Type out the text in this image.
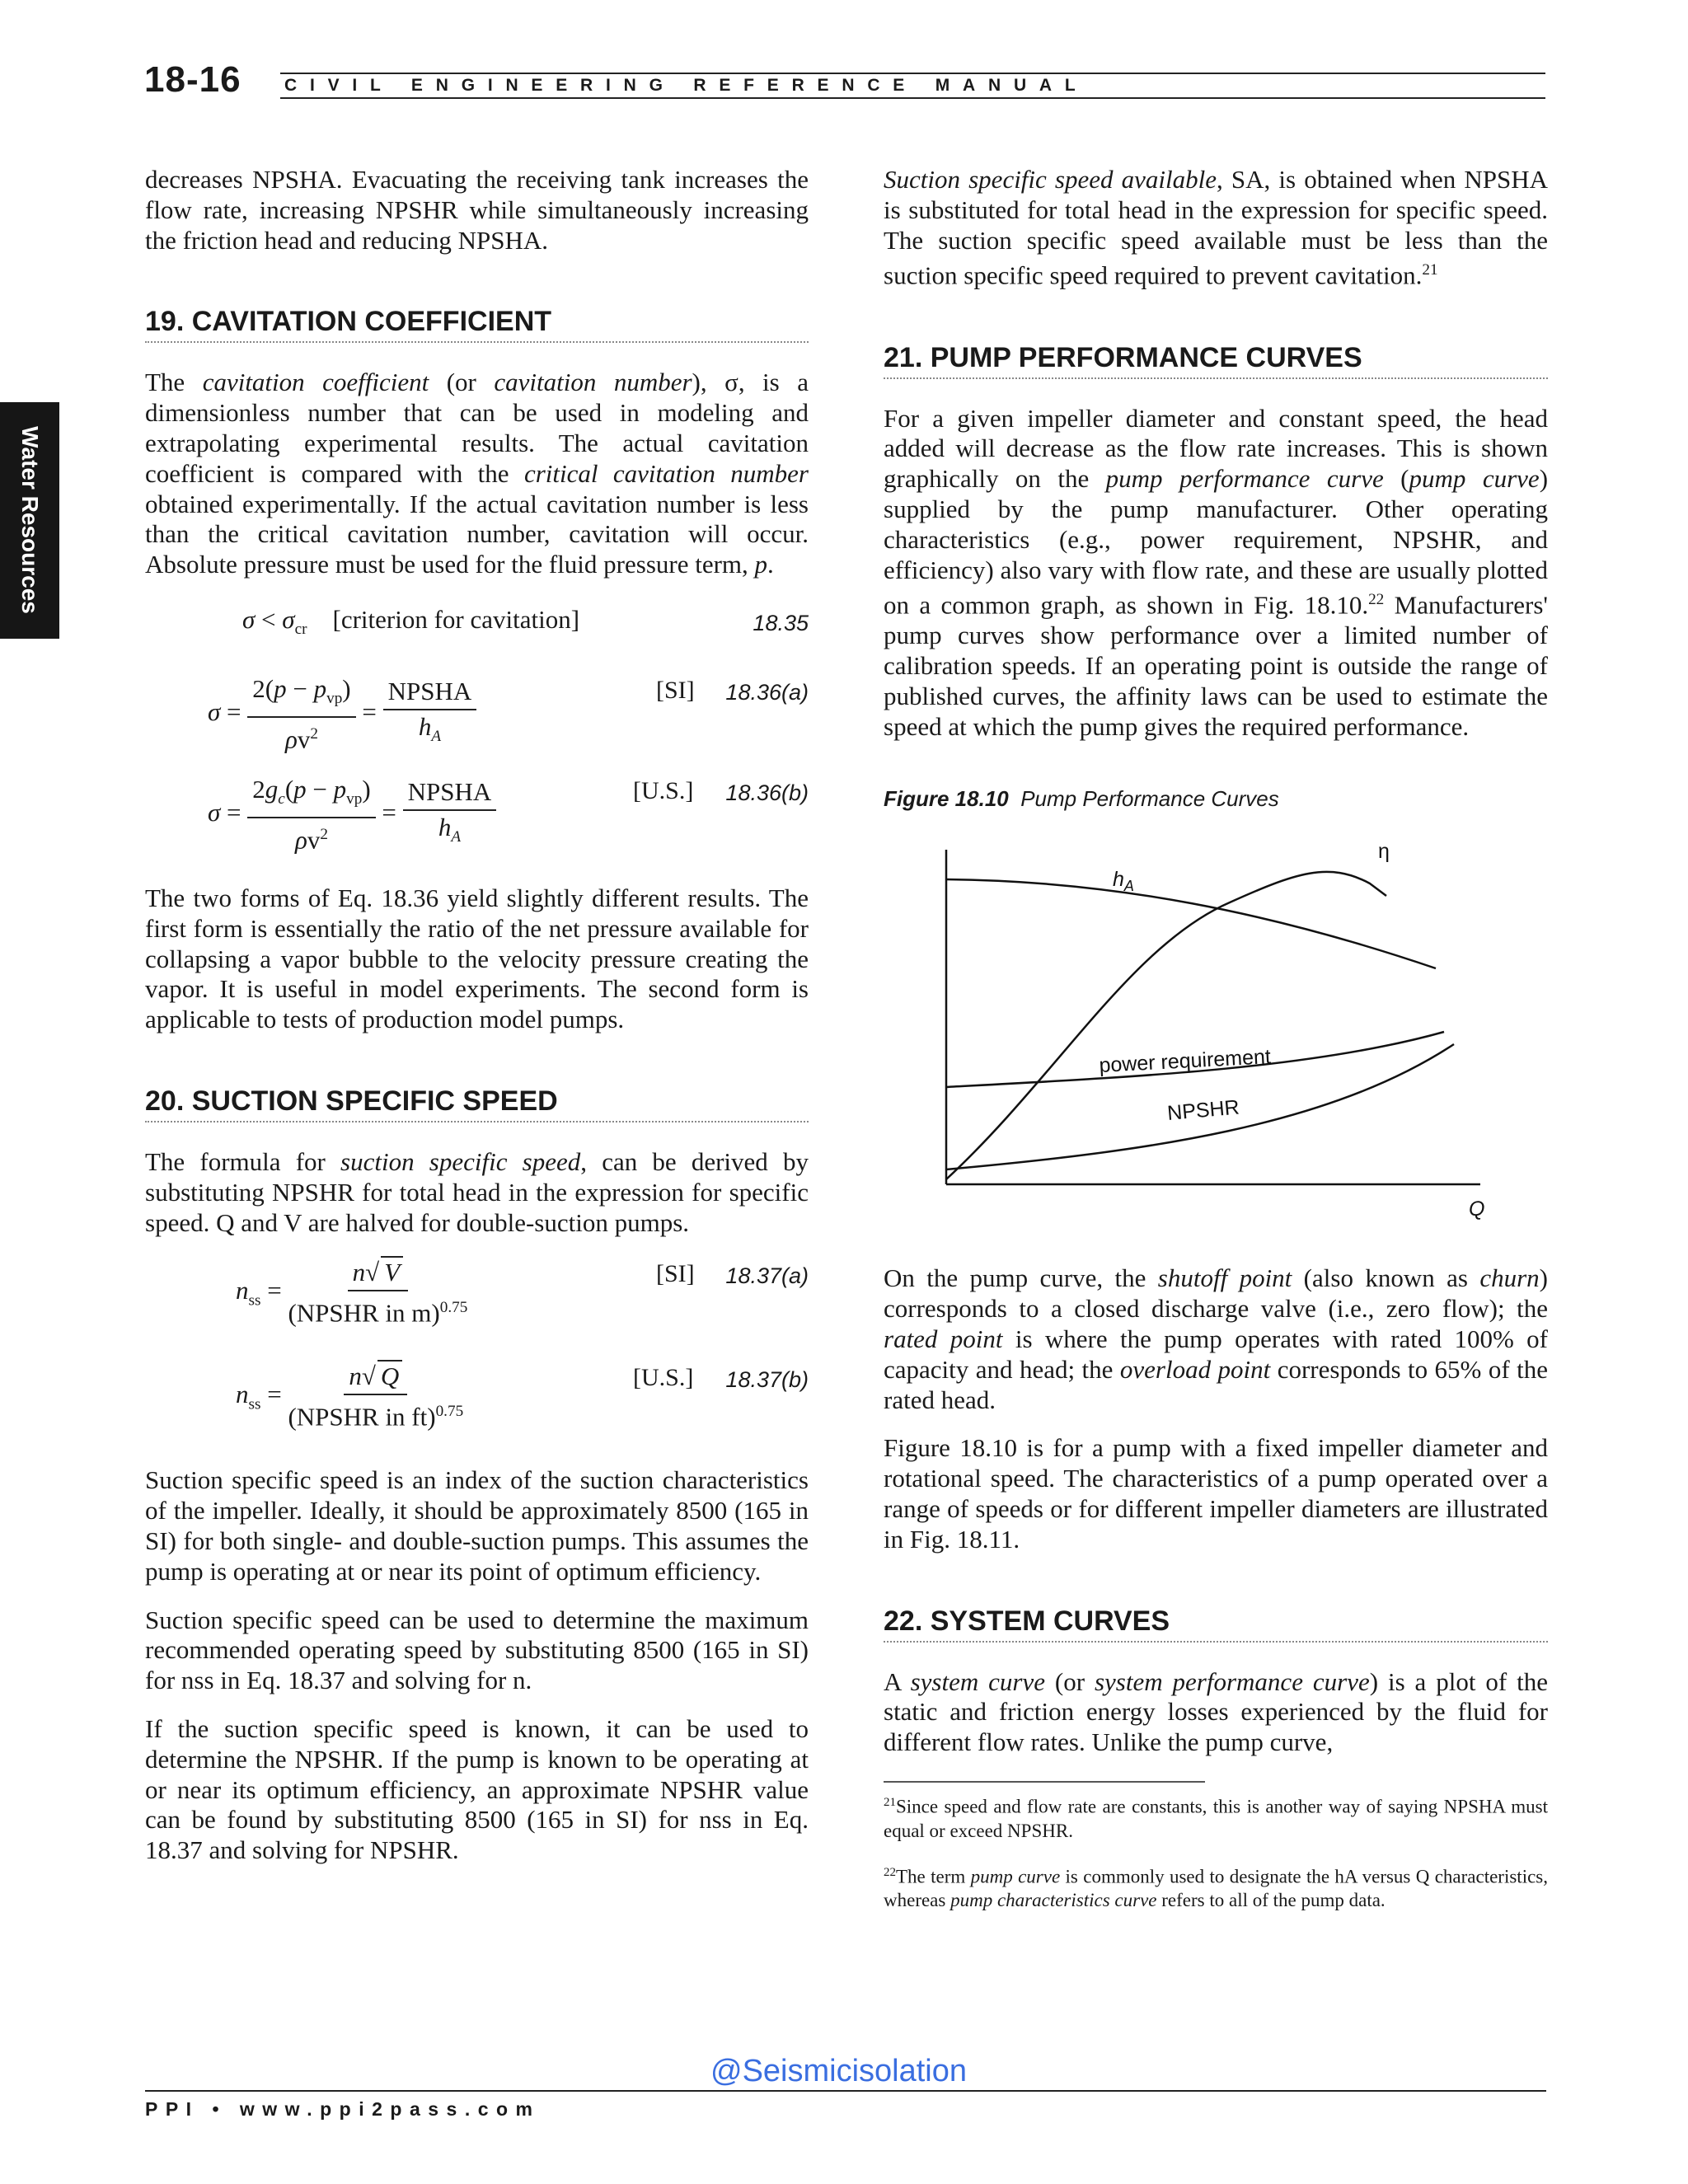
18-16 CIVIL ENGINEERING REFERENCE MANUAL
Water Resources

decreases NPSHA. Evacuating the receiving tank increases the flow rate, increasing NPSHR while simultaneously increasing the friction head and reducing NPSHA.

19. CAVITATION COEFFICIENT

The cavitation coefficient (or cavitation number), σ, is a dimensionless number that can be used in modeling and extrapolating experimental results. The actual cavitation coefficient is compared with the critical cavitation number obtained experimentally. If the actual cavitation number is less than the critical cavitation number, cavitation will occur. Absolute pressure must be used for the fluid pressure term, p.

$\sigma < \sigma_{cr}$ [criterion for cavitation]	18.35
$\sigma = \frac{2(p - p_{vp})}{\rho v^2} = \frac{\text{NPSHA}}{h_A}$	[SI] 18.36(a)
$\sigma = \frac{2g_c(p - p_{vp})}{\rho v^2} = \frac{\text{NPSHA}}{h_A}$	[U.S.] 18.36(b)

The two forms of Eq. 18.36 yield slightly different results. The first form is essentially the ratio of the net pressure available for collapsing a vapor bubble to the velocity pressure creating the vapor. It is useful in model experiments. The second form is applicable to tests of production model pumps.

20. SUCTION SPECIFIC SPEED

The formula for suction specific speed, can be derived by substituting NPSHR for total head in the expression for specific speed. Q and V are halved for double-suction pumps.

$n_{ss} = \frac{n√ V}{(NPSHR in m)^{0.75}}$	[SI] 18.37(a)
$n_{ss} = \frac{n√ Q}{(NPSHR in ft)^{0.75}}$	[U.S.] 18.37(b)

Suction specific speed is an index of the suction characteristics of the impeller. Ideally, it should be approximately 8500 (165 in SI) for both single- and double-suction pumps. This assumes the pump is operating at or near its point of optimum efficiency.

Suction specific speed can be used to determine the maximum recommended operating speed by substituting 8500 (165 in SI) for nss in Eq. 18.37 and solving for n.

If the suction specific speed is known, it can be used to determine the NPSHR. If the pump is known to be operating at or near its optimum efficiency, an approximate NPSHR value can be found by substituting 8500 (165 in SI) for nss in Eq. 18.37 and solving for NPSHR.

Suction specific speed available, SA, is obtained when NPSHA is substituted for total head in the expression for specific speed. The suction specific speed available must be less than the suction specific speed required to prevent cavitation.$^{21}$

21. PUMP PERFORMANCE CURVES

For a given impeller diameter and constant speed, the head added will decrease as the flow rate increases. This is shown graphically on the pump performance curve (pump curve) supplied by the pump manufacturer. Other operating characteristics (e.g., power requirement, NPSHR, and efficiency) also vary with flow rate, and these are usually plotted on a common graph, as shown in Fig. 18.10.22 Manufacturers' pump curves show performance over a limited number of calibration speeds. If an operating point is outside the range of published curves, the affinity laws can be used to estimate the speed at which the pump gives the required performance.

Figure 18.10 Pump Performance Curves
η
$h_A$
power requirement
NPSHR
Q

On the pump curve, the shutoff point (also known as churn) corresponds to a closed discharge valve (i.e., zero flow); the rated point is where the pump operates with rated 100% of capacity and head; the overload point corresponds to 65% of the rated head.

Figure 18.10 is for a pump with a fixed impeller diameter and rotational speed. The characteristics of a pump operated over a range of speeds or for different impeller diameters are illustrated in Fig. 18.11.

22. SYSTEM CURVES

A system curve (or system performance curve) is a plot of the static and friction energy losses experienced by the fluid for different flow rates. Unlike the pump curve,

$^{21}$Since speed and flow rate are constants, this is another way of saying NPSHA must equal or exceed NPSHR.

$^{22}$The term pump curve is commonly used to designate the hA versus Q characteristics, whereas pump characteristics curve refers to all of the pump data.

@Seismicisolation
PPI • www.ppi2pass.com
